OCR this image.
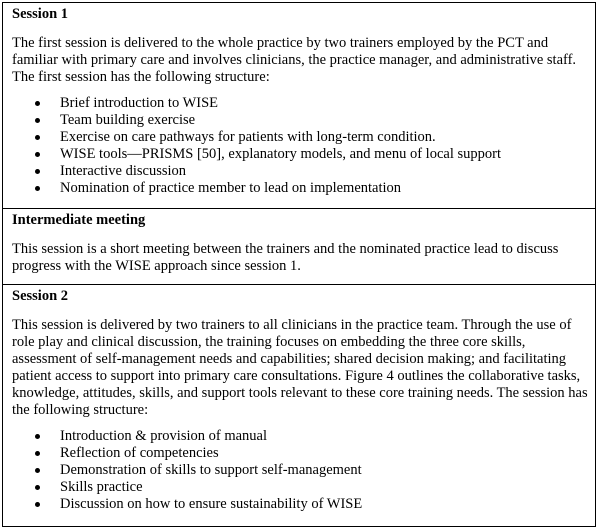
Session 1

The first session is delivered to the whole practice by two trainers employed by the PCT and familiar with primary care and involves clinicians, the practice manager, and administrative staff. The first session has the following structure:

Brief introduction to WISE
Team building exercise
Exercise on care pathways for patients with long-term condition.
WISE tools—PRISMS [50], explanatory models, and menu of local support
Interactive discussion
Nomination of practice member to lead on implementation

Intermediate meeting

This session is a short meeting between the trainers and the nominated practice lead to discuss progress with the WISE approach since session 1.

Session 2

This session is delivered by two trainers to all clinicians in the practice team. Through the use of role play and clinical discussion, the training focuses on embedding the three core skills, assessment of self-management needs and capabilities; shared decision making; and facilitating patient access to support into primary care consultations. Figure 4 outlines the collaborative tasks, knowledge, attitudes, skills, and support tools relevant to these core training needs. The session has the following structure:

Introduction & provision of manual
Reflection of competencies
Demonstration of skills to support self-management
Skills practice
Discussion on how to ensure sustainability of WISE
